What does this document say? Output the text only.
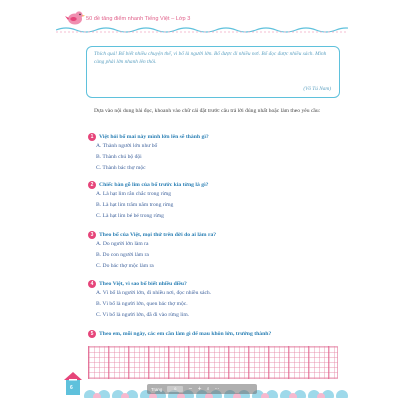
50 đề tăng điểm nhanh Tiếng Việt – Lớp 3

Thích quá! Bố biết nhiều chuyện thế, vì bố là người lớn. Bố được đi nhiều nơi. Bố đọc được nhiều sách. Mình càng phải lớn nhanh lên thôi.

(Võ Tú Nam)

Dựa vào nội dung bài đọc, khoanh vào chữ cái đặt trước câu trả lời đúng nhất hoặc làm theo yêu cầu:

1 Việt hỏi bố mai này mình lớn lên sẽ thành gì?
A. Thành người lớn như bố
B. Thành chú bộ đội
C. Thành bác thợ mộc
2 Chiếc bàn gỗ lim của bố trước kia từng là gì?
A. Là hạt lim rắn chắc trong rừng
B. Là hạt lim trăm năm trong rừng
C. Là hạt lim bé bé trong rừng
3 Theo bố của Việt, mọi thứ trên đời do ai làm ra?
A. Do người lớn làm ra
B. Do con người làm ra
C. Do bác thợ mộc làm ra
4 Theo Việt, vì sao bố biết nhiều điều?
A. Vì bố là người lớn, đi nhiều nơi, đọc nhiều sách.
B. Vì bố là người lớn, quen bác thợ mộc.
C. Vì bố là người lớn, đã đi vào rừng lim.
5 Theo em, mỗi ngày, các em cần làm gì để mau khôn lớn, trưởng thành?
6	Trang	6	− + ⌕ ⋯
